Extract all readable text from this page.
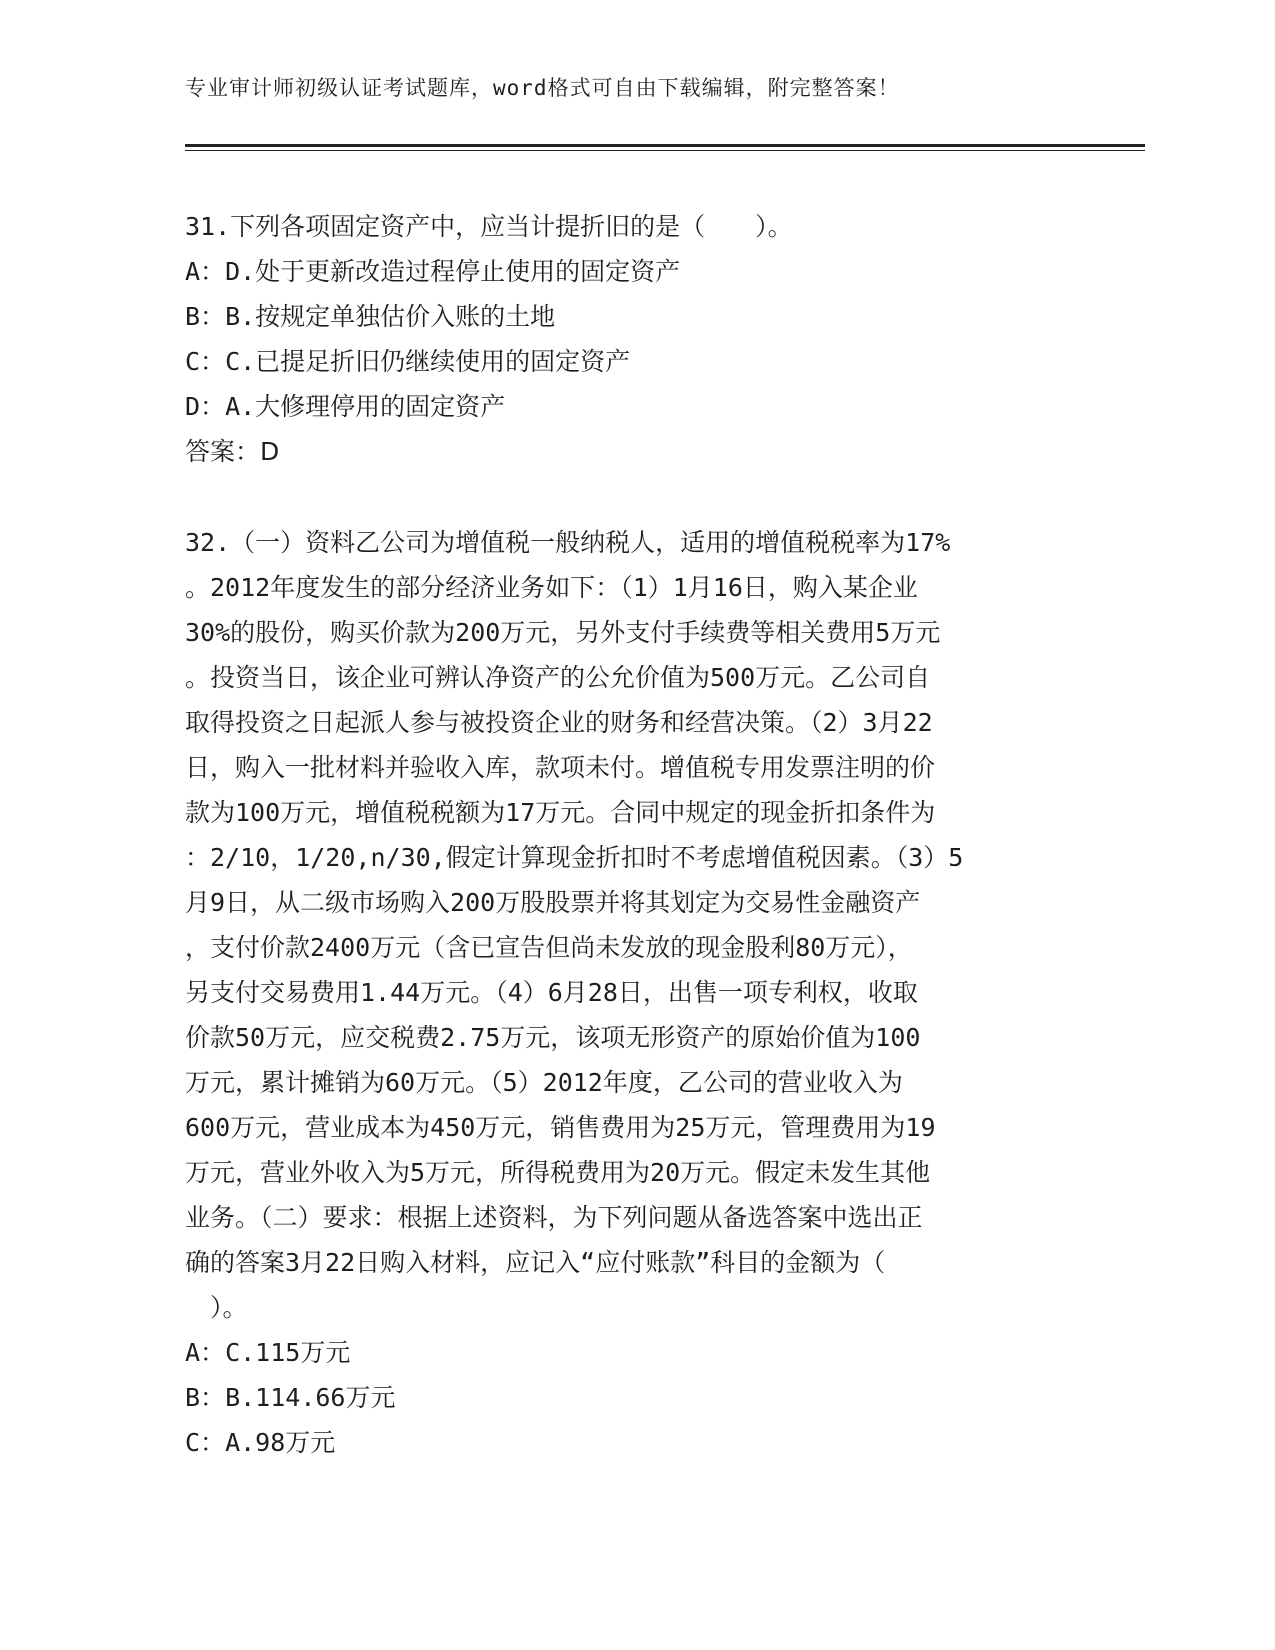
专业审计师初级认证考试题库，word格式可自由下载编辑，附完整答案！
31.下列各项固定资产中，应当计提折旧的是（　　）。
A：D.处于更新改造过程停止使用的固定资产
B：B.按规定单独估价入账的土地
C：C.已提足折旧仍继续使用的固定资产
D：A.大修理停用的固定资产
答案：D
32.（一）资料乙公司为增值税一般纳税人，适用的增值税税率为17%
。2012年度发生的部分经济业务如下：（1）1月16日，购入某企业
30%的股份，购买价款为200万元，另外支付手续费等相关费用5万元
。投资当日，该企业可辨认净资产的公允价值为500万元。乙公司自
取得投资之日起派人参与被投资企业的财务和经营决策。（2）3月22
日，购入一批材料并验收入库，款项未付。增值税专用发票注明的价
款为100万元，增值税税额为17万元。合同中规定的现金折扣条件为
：2/10，1/20,n/30,假定计算现金折扣时不考虑增值税因素。（3）5
月9日，从二级市场购入200万股股票并将其划定为交易性金融资产
，支付价款2400万元（含已宣告但尚未发放的现金股利80万元），
另支付交易费用1.44万元。（4）6月28日，出售一项专利权，收取
价款50万元，应交税费2.75万元，该项无形资产的原始价值为100
万元，累计摊销为60万元。（5）2012年度，乙公司的营业收入为
600万元，营业成本为450万元，销售费用为25万元，管理费用为19
万元，营业外收入为5万元，所得税费用为20万元。假定未发生其他
业务。（二）要求：根据上述资料，为下列问题从备选答案中选出正
确的答案3月22日购入材料，应记入“应付账款”科目的金额为（
　）。
A：C.115万元
B：B.114.66万元
C：A.98万元
